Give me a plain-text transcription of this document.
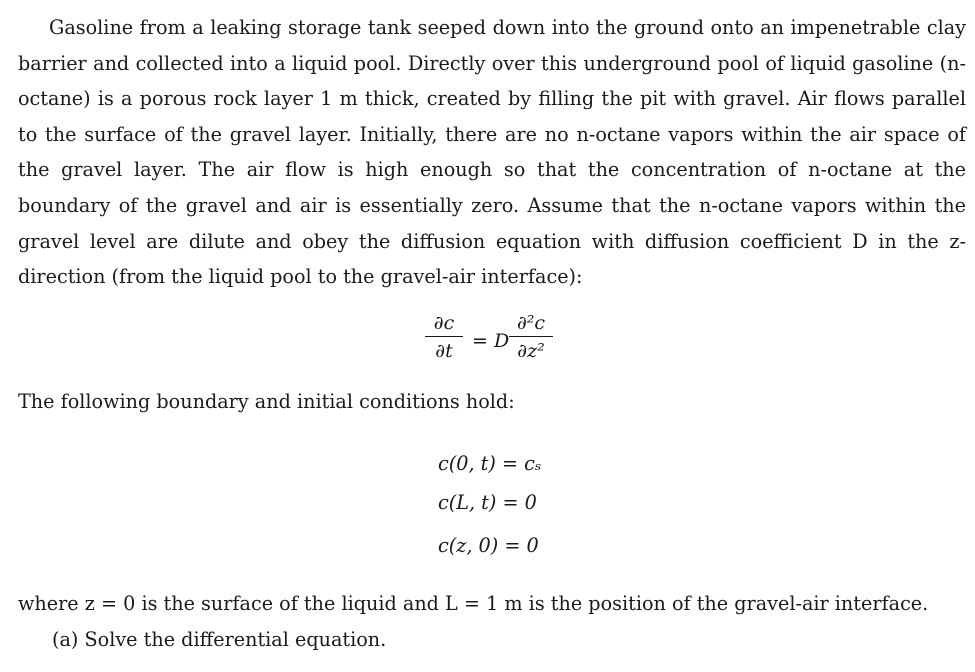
Gasoline from a leaking storage tank seeped down into the ground onto an impenetrable clay barrier and collected into a liquid pool. Directly over this underground pool of liquid gasoline (n-octane) is a porous rock layer 1 m thick, created by filling the pit with gravel. Air flows parallel to the surface of the gravel layer. Initially, there are no n-octane vapors within the air space of the gravel layer. The air flow is high enough so that the concentration of n-octane at the boundary of the gravel and air is essentially zero. Assume that the n-octane vapors within the gravel level are dilute and obey the diffusion equation with diffusion coefficient D in the z-direction (from the liquid pool to the gravel-air interface):

∂c
∂t	= D
∂²c
∂z²

The following boundary and initial conditions hold:

c(0, t) = cₛ
c(L, t) = 0
c(z, 0) = 0

where z = 0 is the surface of the liquid and L = 1 m is the position of the gravel-air interface.

(a) Solve the differential equation.
